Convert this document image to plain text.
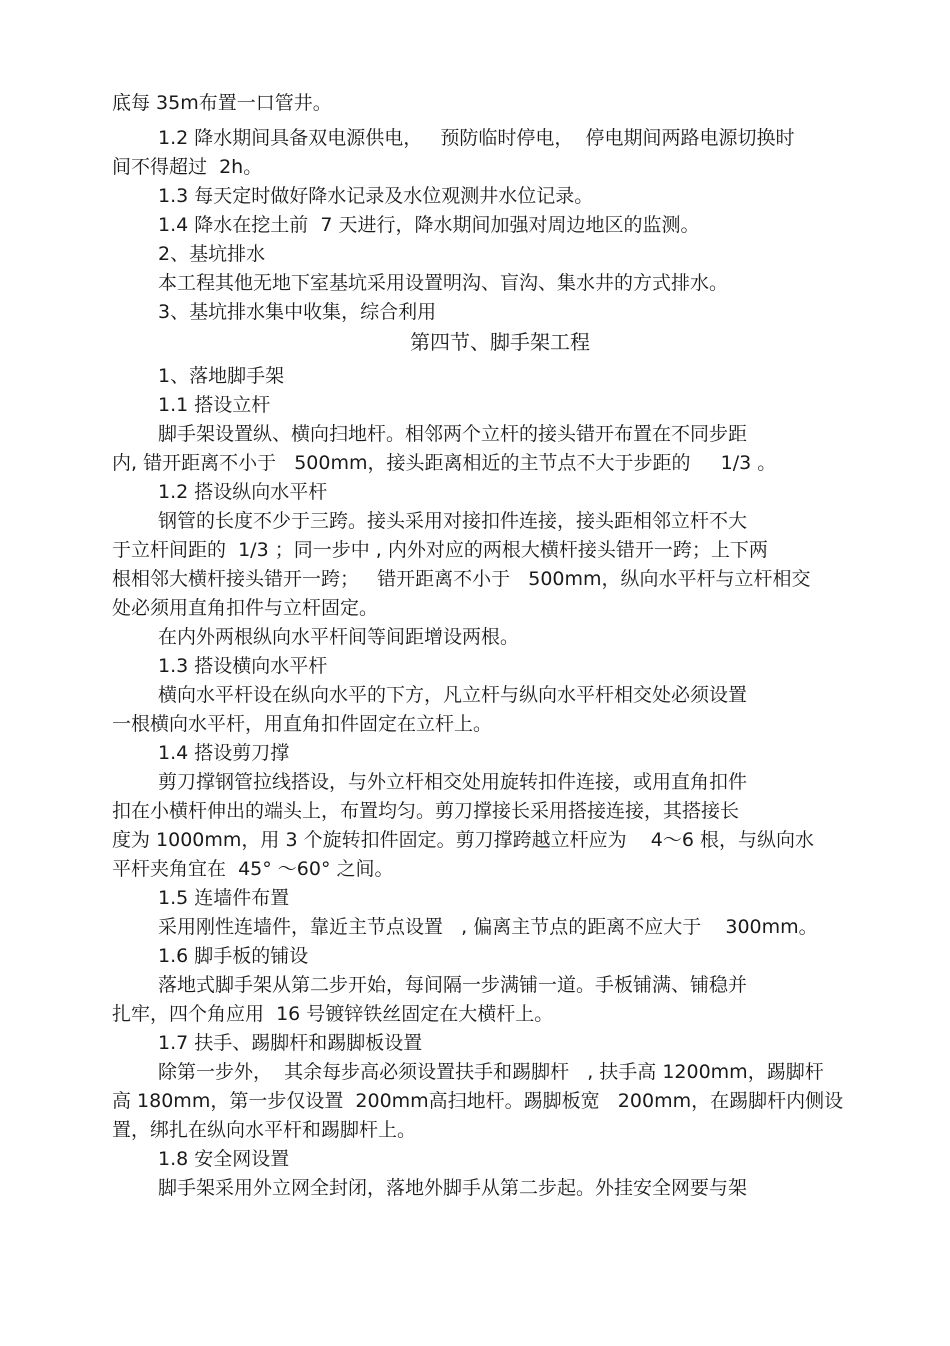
底每 35m布置一口管井。
1.2 降水期间具备双电源供电，   预防临时停电，  停电期间两路电源切换时
间不得超过  2h。
1.3 每天定时做好降水记录及水位观测井水位记录。
1.4 降水在挖土前  7 天进行，降水期间加强对周边地区的监测。
2、基坑排水
本工程其他无地下室基坑采用设置明沟、盲沟、集水井的方式排水。
3、基坑排水集中收集，综合利用
第四节、脚手架工程
1、落地脚手架
1.1 搭设立杆
脚手架设置纵、横向扫地杆。相邻两个立杆的接头错开布置在不同步距
内, 错开距离不小于   500mm，接头距离相近的主节点不大于步距的     1/3 。
1.2 搭设纵向水平杆
钢管的长度不少于三跨。接头采用对接扣件连接，接头距相邻立杆不大
于立杆间距的  1/3 ；同一步中 , 内外对应的两根大横杆接头错开一跨；上下两
根相邻大横杆接头错开一跨；   错开距离不小于   500mm，纵向水平杆与立杆相交
处必须用直角扣件与立杆固定。
在内外两根纵向水平杆间等间距增设两根。
1.3 搭设横向水平杆
横向水平杆设在纵向水平的下方，凡立杆与纵向水平杆相交处必须设置
一根横向水平杆，用直角扣件固定在立杆上。
1.4 搭设剪刀撑
剪刀撑钢管拉线搭设，与外立杆相交处用旋转扣件连接，或用直角扣件
扣在小横杆伸出的端头上，布置均匀。剪刀撑接长采用搭接连接，其搭接长
度为 1000mm，用 3 个旋转扣件固定。剪刀撑跨越立杆应为    4～6 根，与纵向水
平杆夹角宜在  45° ～60° 之间。
1.5 连墙件布置
采用刚性连墙件，靠近主节点设置   , 偏离主节点的距离不应大于    300mm。
1.6 脚手板的铺设
落地式脚手架从第二步开始，每间隔一步满铺一道。手板铺满、铺稳并
扎牢，四个角应用  16 号镀锌铁丝固定在大横杆上。
1.7 扶手、踢脚杆和踢脚板设置
除第一步外，  其余每步高必须设置扶手和踢脚杆   , 扶手高 1200mm，踢脚杆
高 180mm，第一步仅设置  200mm高扫地杆。踢脚板宽   200mm，在踢脚杆内侧设
置，绑扎在纵向水平杆和踢脚杆上。
1.8 安全网设置
脚手架采用外立网全封闭，落地外脚手从第二步起。外挂安全网要与架
